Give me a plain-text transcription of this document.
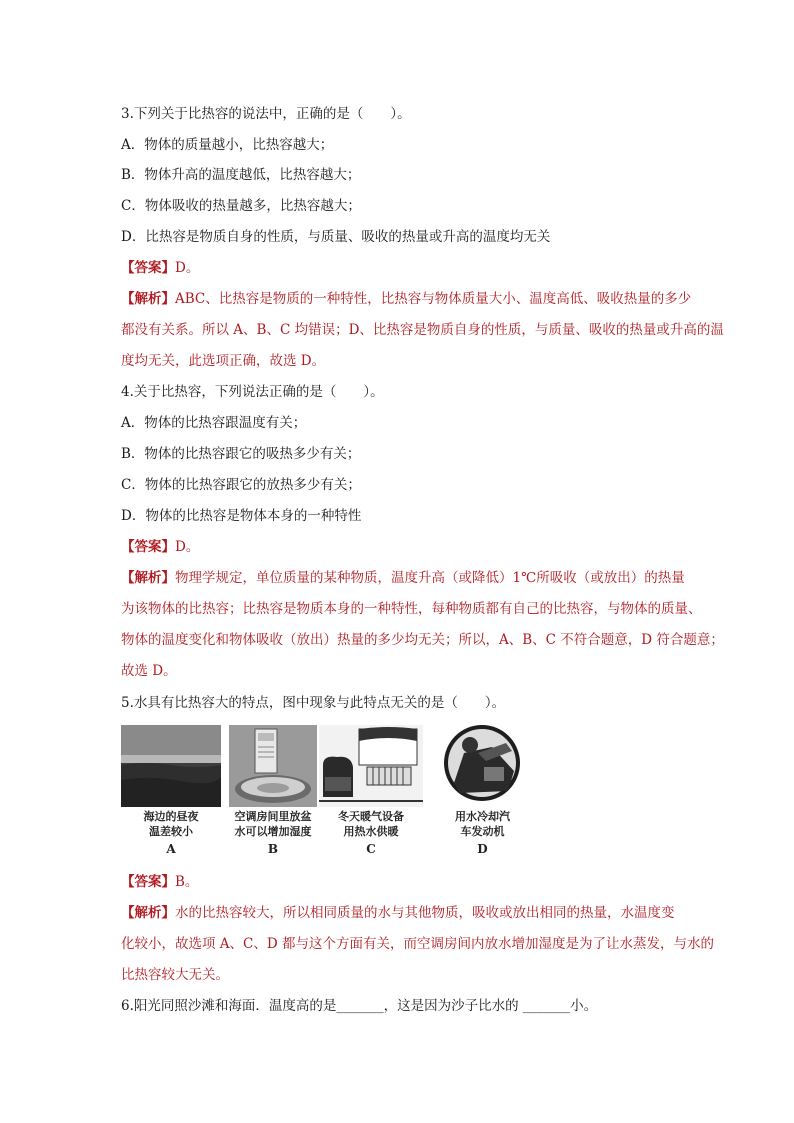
3.下列关于比热容的说法中，正确的是（　　）。
A．物体的质量越小，比热容越大；
B．物体升高的温度越低，比热容越大；
C．物体吸收的热量越多，比热容越大；
D．比热容是物质自身的性质，与质量、吸收的热量或升高的温度均无关
【答案】D。
【解析】ABC、比热容是物质的一种特性，比热容与物体质量大小、温度高低、吸收热量的多少
都没有关系。所以 A、B、C 均错误；D、比热容是物质自身的性质，与质量、吸收的热量或升高的温
度均无关，此选项正确，故选 D。
4.关于比热容，下列说法正确的是（　　）。
A．物体的比热容跟温度有关；
B．物体的比热容跟它的吸热多少有关；
C．物体的比热容跟它的放热多少有关；
D．物体的比热容是物体本身的一种特性
【答案】D。
【解析】物理学规定，单位质量的某种物质，温度升高（或降低）1℃所吸收（或放出）的热量
为该物体的比热容；比热容是物质本身的一种特性，每种物质都有自己的比热容，与物体的质量、
物体的温度变化和物体吸收（放出）热量的多少均无关；所以，A、B、C 不符合题意，D 符合题意；
故选 D。
5.水具有比热容大的特点，图中现象与此特点无关的是（　　）。
海边的昼夜
温差较小
A
空调房间里放盆
水可以增加湿度
B
冬天暖气设备
用热水供暖
C
用水冷却汽
车发动机
D
【答案】B。
【解析】水的比热容较大，所以相同质量的水与其他物质，吸收或放出相同的热量，水温度变
化较小，故选项 A、C、D 都与这个方面有关，而空调房间内放水增加湿度是为了让水蒸发，与水的
比热容较大无关。
6.阳光同照沙滩和海面．温度高的是_______，这是因为沙子比水的 _______小。
